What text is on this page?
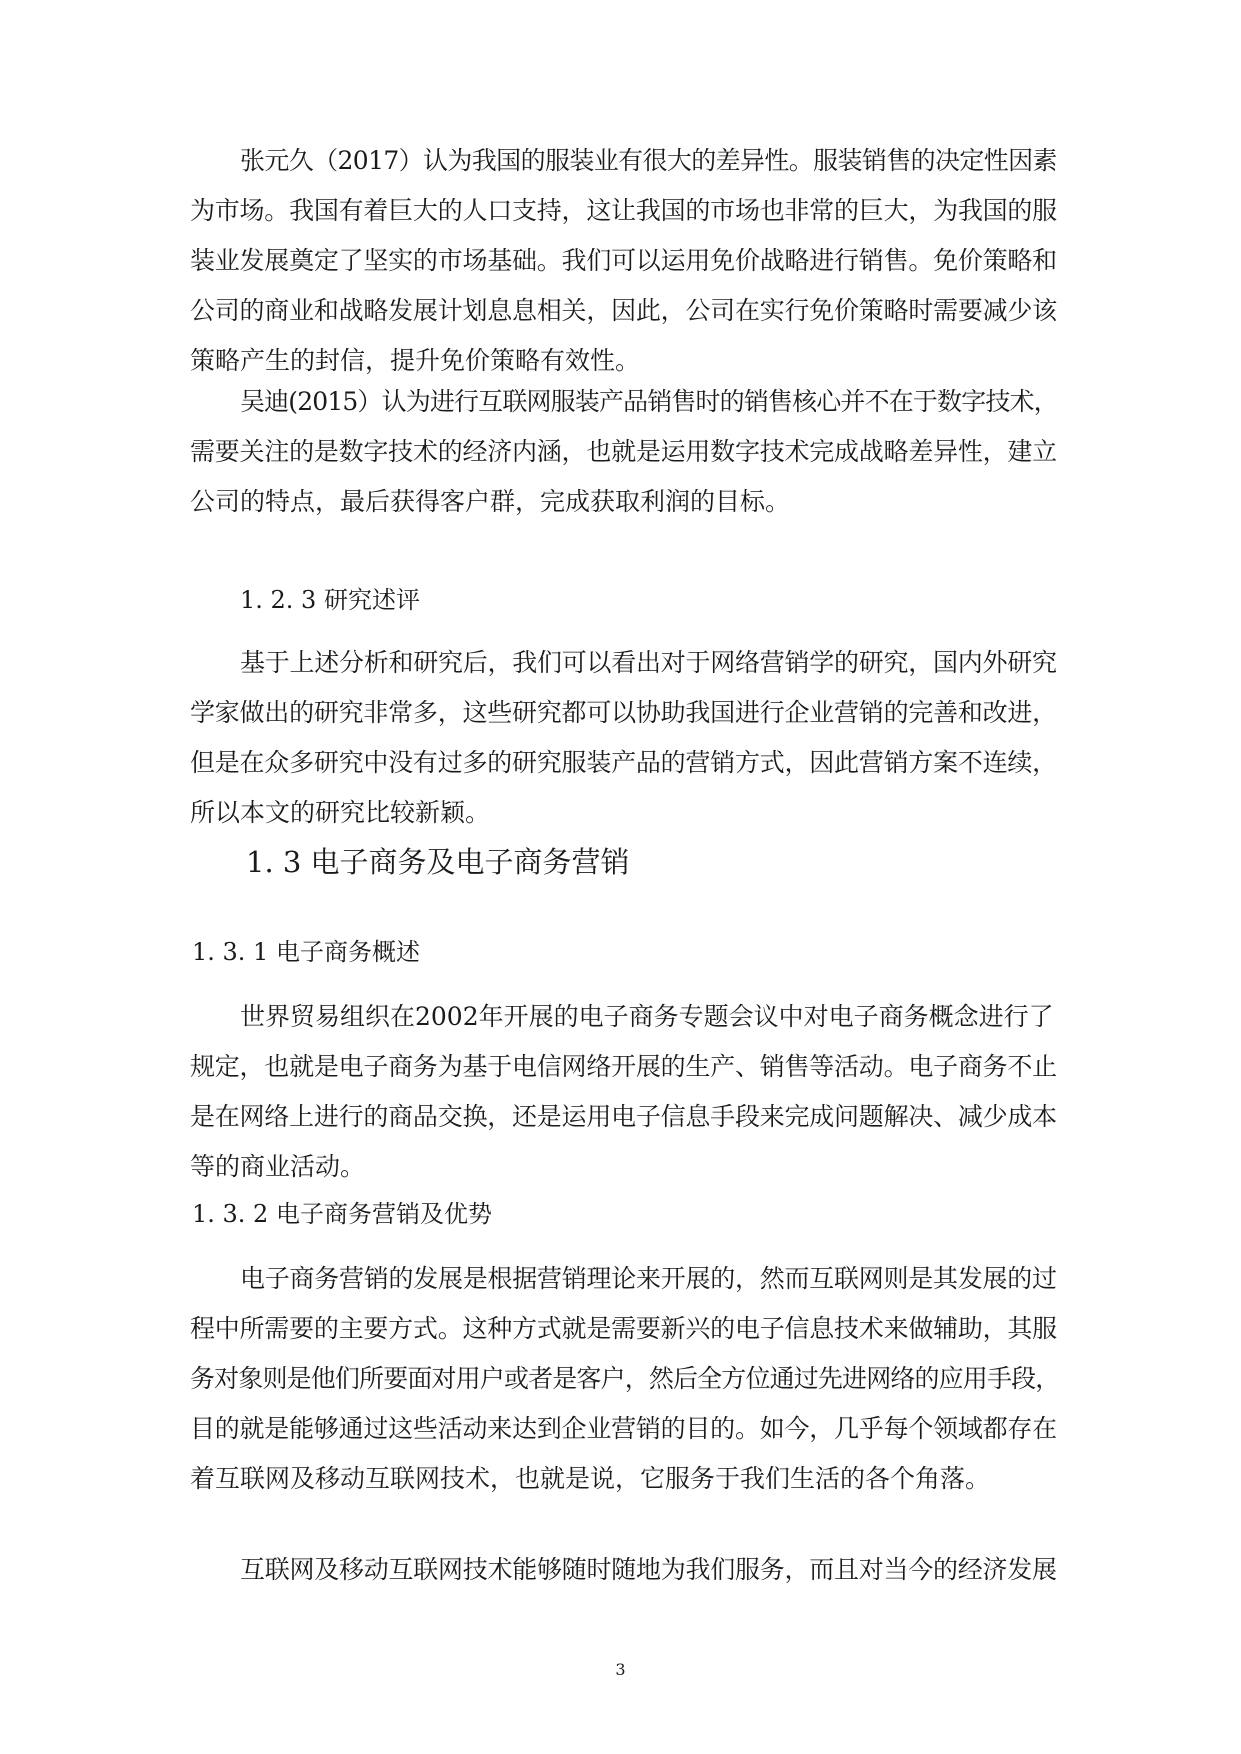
张元久（2017）认为我国的服装业有很大的差异性。服装销售的决定性因素
为市场。我国有着巨大的人口支持，这让我国的市场也非常的巨大，为我国的服
装业发展奠定了坚实的市场基础。我们可以运用免价战略进行销售。免价策略和
公司的商业和战略发展计划息息相关，因此，公司在实行免价策略时需要减少该
策略产生的封信，提升免价策略有效性。
吴迪(2015）认为进行互联网服装产品销售时的销售核心并不在于数字技术，
需要关注的是数字技术的经济内涵，也就是运用数字技术完成战略差异性，建立
公司的特点，最后获得客户群，完成获取利润的目标。
1. 2. 3 研究述评
基于上述分析和研究后，我们可以看出对于网络营销学的研究，国内外研究
学家做出的研究非常多，这些研究都可以协助我国进行企业营销的完善和改进，
但是在众多研究中没有过多的研究服装产品的营销方式，因此营销方案不连续，
所以本文的研究比较新颖。
1. 3 电子商务及电子商务营销
1. 3. 1 电子商务概述
世界贸易组织在2002年开展的电子商务专题会议中对电子商务概念进行了
规定，也就是电子商务为基于电信网络开展的生产、销售等活动。电子商务不止
是在网络上进行的商品交换，还是运用电子信息手段来完成问题解决、减少成本
等的商业活动。
1. 3. 2 电子商务营销及优势
电子商务营销的发展是根据营销理论来开展的，然而互联网则是其发展的过
程中所需要的主要方式。这种方式就是需要新兴的电子信息技术来做辅助，其服
务对象则是他们所要面对用户或者是客户，然后全方位通过先进网络的应用手段，
目的就是能够通过这些活动来达到企业营销的目的。如今，几乎每个领域都存在
着互联网及移动互联网技术，也就是说，它服务于我们生活的各个角落。
互联网及移动互联网技术能够随时随地为我们服务，而且对当今的经济发展
3
